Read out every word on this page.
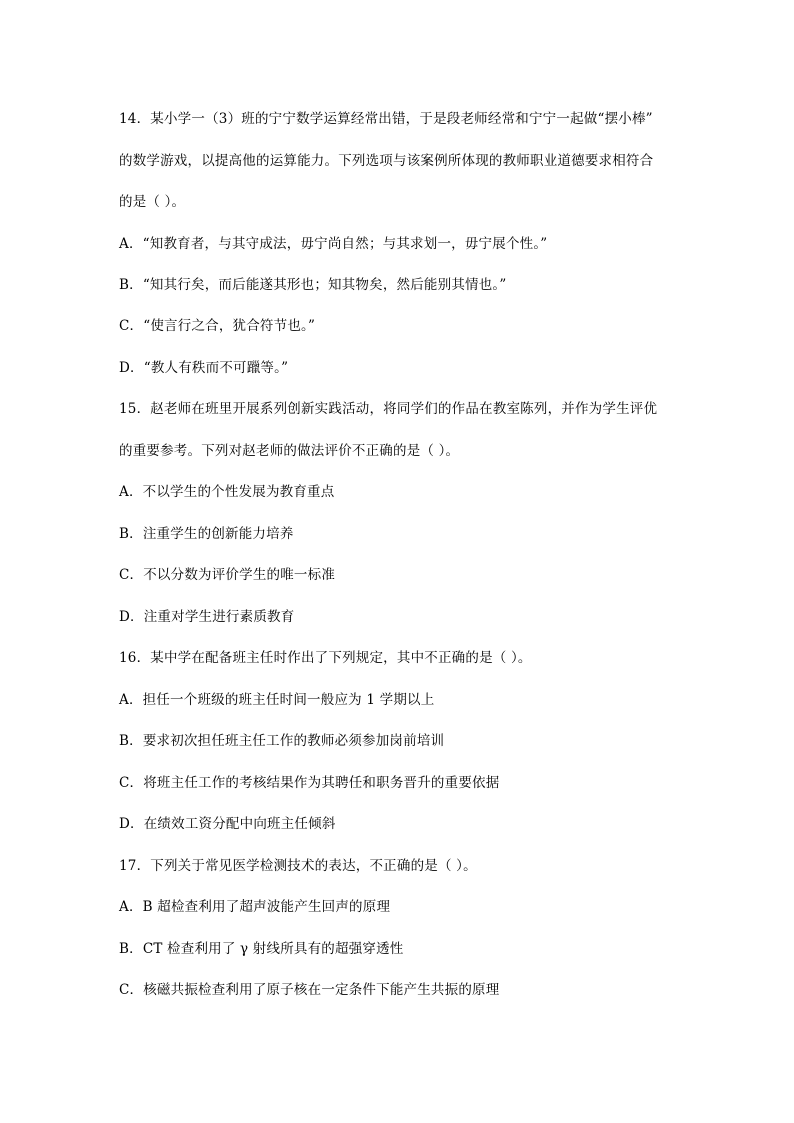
14．某小学一（3）班的宁宁数学运算经常出错，于是段老师经常和宁宁一起做“摆小棒”
的数学游戏，以提高他的运算能力。下列选项与该案例所体现的教师职业道德要求相符合
的是（ ）。
A．“知教育者，与其守成法，毋宁尚自然；与其求划一，毋宁展个性。”
B．“知其行矣，而后能遂其形也；知其物矣，然后能别其情也。”
C．“使言行之合，犹合符节也。”
D．“教人有秩而不可躐等。”
15．赵老师在班里开展系列创新实践活动，将同学们的作品在教室陈列，并作为学生评优
的重要参考。下列对赵老师的做法评价不正确的是（ ）。
A．不以学生的个性发展为教育重点
B．注重学生的创新能力培养
C．不以分数为评价学生的唯一标准
D．注重对学生进行素质教育
16．某中学在配备班主任时作出了下列规定，其中不正确的是（ ）。
A．担任一个班级的班主任时间一般应为 1 学期以上
B．要求初次担任班主任工作的教师必须参加岗前培训
C．将班主任工作的考核结果作为其聘任和职务晋升的重要依据
D．在绩效工资分配中向班主任倾斜
17．下列关于常见医学检测技术的表达，不正确的是（ ）。
A．B 超检查利用了超声波能产生回声的原理
B．CT 检查利用了 γ 射线所具有的超强穿透性
C．核磁共振检查利用了原子核在一定条件下能产生共振的原理
